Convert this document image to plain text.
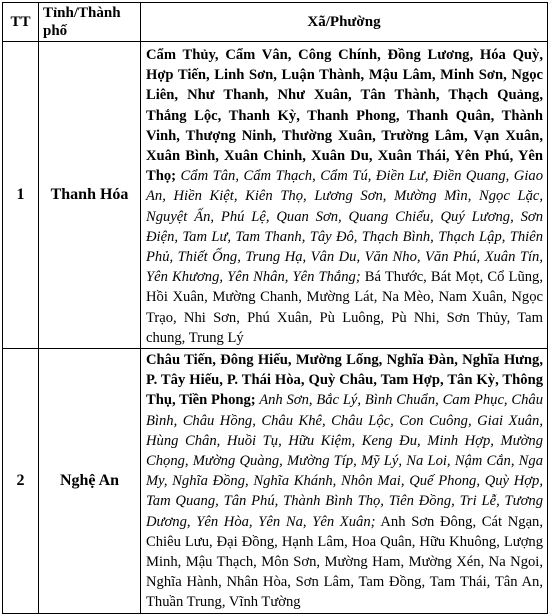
TT	Tỉnh/Thành phố	Xã/Phường
1	Thanh Hóa	Cẩm Thủy, Cẩm Vân, Công Chính, Đồng Lương, Hóa Quỳ, Hợp Tiến, Linh Sơn, Luận Thành, Mậu Lâm, Minh Sơn, Ngọc Liên, Như Thanh, Như Xuân, Tân Thành, Thạch Quảng, Thắng Lộc, Thanh Kỳ, Thanh Phong, Thanh Quân, Thành Vinh, Thượng Ninh, Thường Xuân, Trường Lâm, Vạn Xuân, Xuân Bình, Xuân Chinh, Xuân Du, Xuân Thái, Yên Phú, Yên Thọ; Cẩm Tân, Cẩm Thạch, Cẩm Tú, Điền Lư, Điền Quang, Giao An, Hiền Kiệt, Kiên Thọ, Lương Sơn, Mường Mìn, Ngọc Lặc, Nguyệt Ấn, Phú Lệ, Quan Sơn, Quang Chiểu, Quý Lương, Sơn Điện, Tam Lư, Tam Thanh, Tây Đô, Thạch Bình, Thạch Lập, Thiên Phủ, Thiết Ống, Trung Hạ, Vân Du, Văn Nho, Văn Phú, Xuân Tín, Yên Khương, Yên Nhân, Yên Thắng; Bá Thước, Bát Mọt, Cổ Lũng, Hồi Xuân, Mường Chanh, Mường Lát, Na Mèo, Nam Xuân, Ngọc Trạo, Nhi Sơn, Phú Xuân, Pù Luông, Pù Nhi, Sơn Thủy, Tam chung, Trung Lý
2	Nghệ An	Châu Tiến, Đông Hiếu, Mường Lống, Nghĩa Đàn, Nghĩa Hưng, P. Tây Hiếu, P. Thái Hòa, Quỳ Châu, Tam Hợp, Tân Kỳ, Thông Thụ, Tiền Phong; Anh Sơn, Bắc Lý, Bình Chuẩn, Cam Phục, Châu Bình, Châu Hồng, Châu Khê, Châu Lộc, Con Cuông, Giai Xuân, Hùng Chân, Huồi Tụ, Hữu Kiệm, Keng Đu, Minh Hợp, Mường Chọng, Mường Quàng, Mường Típ, Mỹ Lý, Na Loi, Nậm Cắn, Nga My, Nghĩa Đồng, Nghĩa Khánh, Nhôn Mai, Quế Phong, Quỳ Hợp, Tam Quang, Tân Phú, Thành Bình Thọ, Tiên Đồng, Tri Lễ, Tương Dương, Yên Hòa, Yên Na, Yên Xuân; Anh Sơn Đông, Cát Ngạn, Chiêu Lưu, Đại Đồng, Hạnh Lâm, Hoa Quân, Hữu Khuông, Lượng Minh, Mậu Thạch, Môn Sơn, Mường Ham, Mường Xén, Na Ngoi, Nghĩa Hành, Nhân Hòa, Sơn Lâm, Tam Đồng, Tam Thái, Tân An, Thuần Trung, Vĩnh Tường
